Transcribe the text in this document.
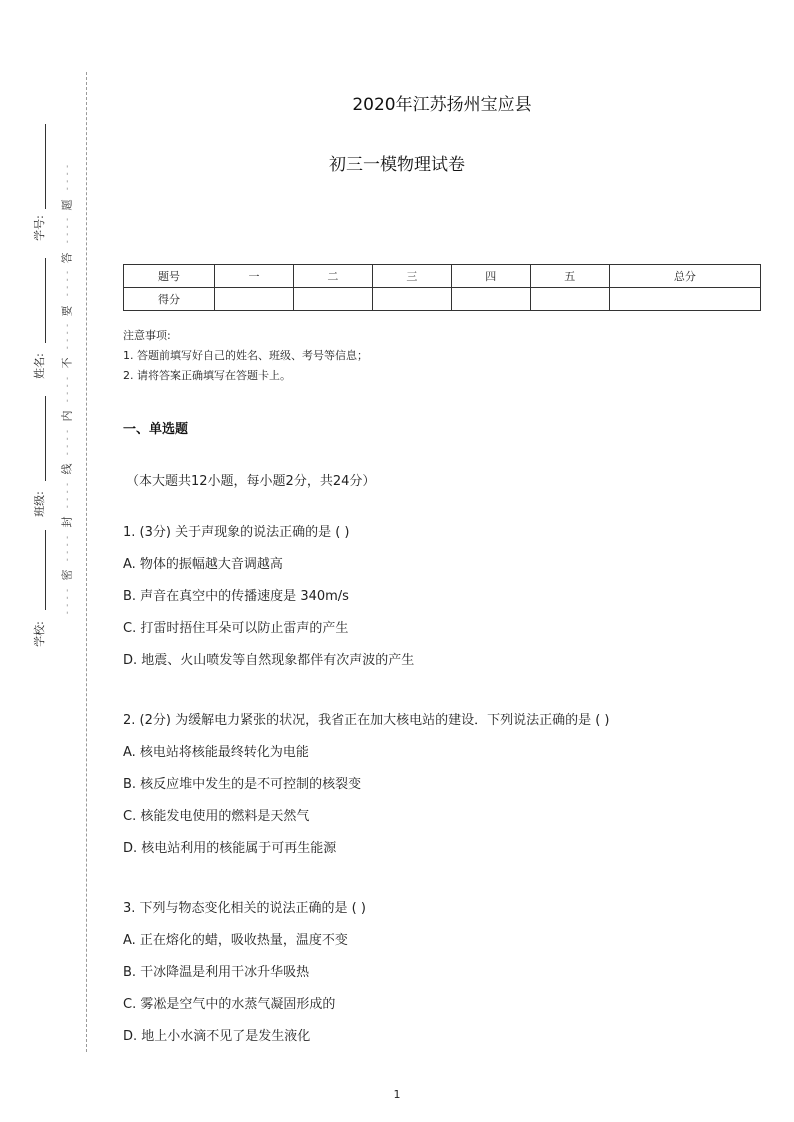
- - - -
题
- - - -
答
- - - -
要
- - - -
不
- - - -
内
- - - -
线
- - - -
封
- - - -
密
- - - -
学号:
姓名:
班级:
学校:
2020年江苏扬州宝应县
初三一模物理试卷
题号	一	二	三	四	五	总分
得分						
注意事项:
1. 答题前填写好自己的姓名、班级、考号等信息；
2. 请将答案正确填写在答题卡上。
一、单选题
（本大题共12小题，每小题2分，共24分）
1. (3分) 关于声现象的说法正确的是 ( )
A. 物体的振幅越大音调越高
B. 声音在真空中的传播速度是 340m/s
C. 打雷时捂住耳朵可以防止雷声的产生
D. 地震、火山喷发等自然现象都伴有次声波的产生
2. (2分) 为缓解电力紧张的状况，我省正在加大核电站的建设．下列说法正确的是 ( )
A. 核电站将核能最终转化为电能
B. 核反应堆中发生的是不可控制的核裂变
C. 核能发电使用的燃料是天然气
D. 核电站利用的核能属于可再生能源
3. 下列与物态变化相关的说法正确的是 ( )
A. 正在熔化的蜡，吸收热量，温度不变
B. 干冰降温是利用干冰升华吸热
C. 雾凇是空气中的水蒸气凝固形成的
D. 地上小水滴不见了是发生液化
1
